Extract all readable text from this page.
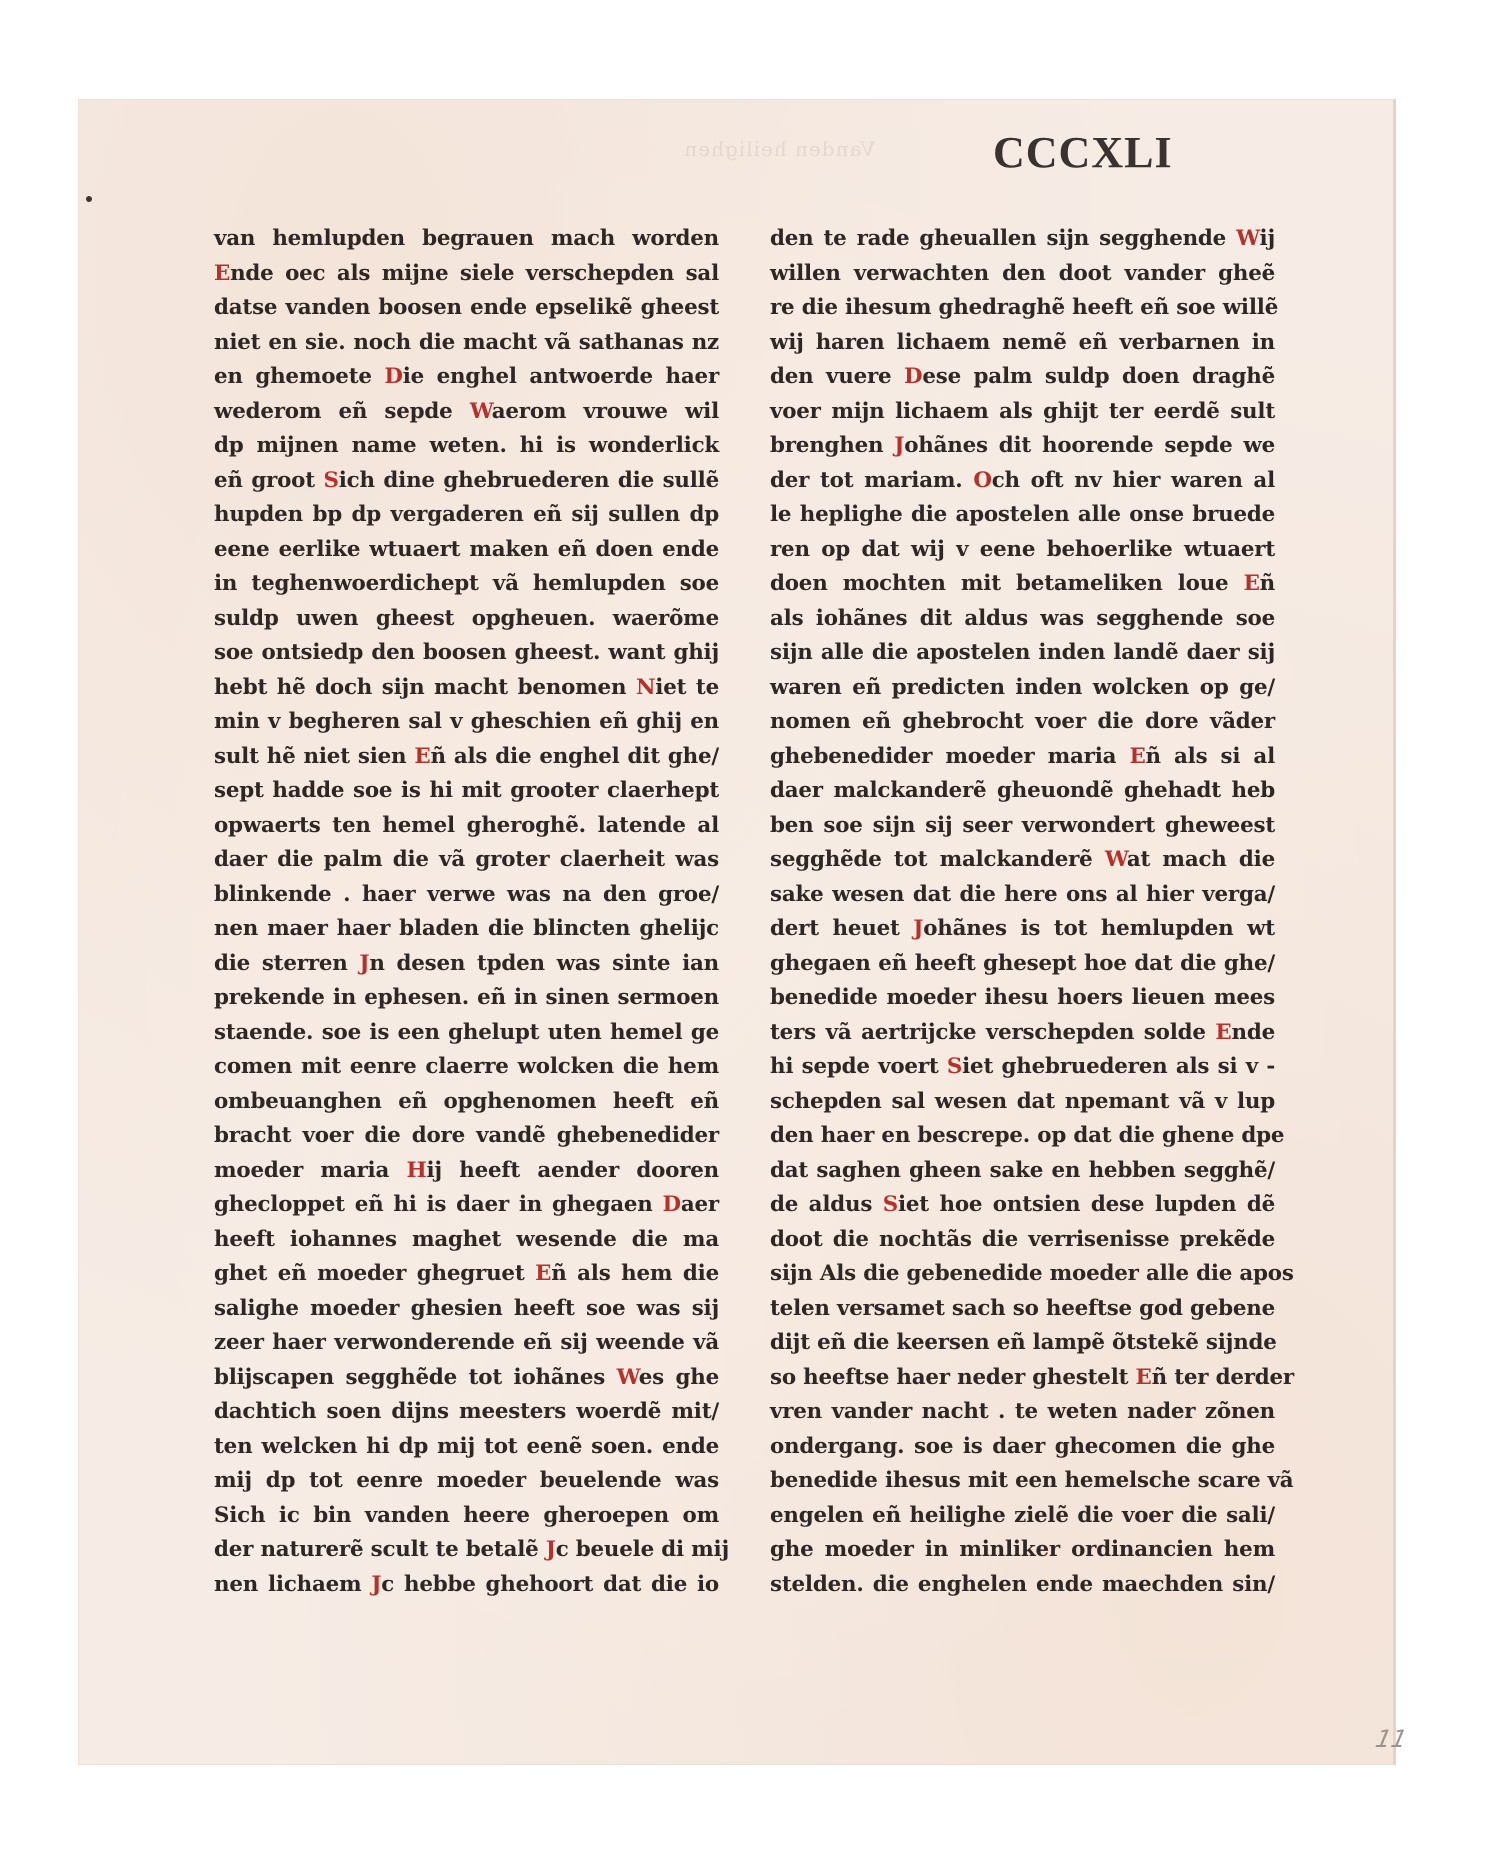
Vanden heilighen	CCCXLI
van hemlupden begrauen mach worden
Ende oec als mijne siele verschepden sal
datse vanden boosen ende epselikẽ gheest
niet en sie. noch die macht vã sathanas nz
en ghemoete Die enghel antwoerde haer
wederom eñ sepde Waerom vrouwe wil
dp mijnen name weten. hi is wonderlick
eñ groot Sich dine ghebruederen die sullẽ
hupden bp dp vergaderen eñ sij sullen dp
eene eerlike wtuaert maken eñ doen ende
in teghenwoerdichept vã hemlupden soe
suldp uwen gheest opgheuen. waerõme
soe ontsiedp den boosen gheest. want ghij
hebt hẽ doch sijn macht benomen Niet te
min v begheren sal v gheschien eñ ghij en
sult hẽ niet sien Eñ als die enghel dit ghe/
sept hadde soe is hi mit grooter claerhept
opwaerts ten hemel gheroghẽ. latende al
daer die palm die vã groter claerheit was
blinkende . haer verwe was na den groe/
nen maer haer bladen die blincten ghelijc
die sterren Jn desen tpden was sinte ian
prekende in ephesen. eñ in sinen sermoen
staende. soe is een ghelupt uten hemel ge
comen mit eenre claerre wolcken die hem
ombeuanghen eñ opghenomen heeft eñ
bracht voer die dore vandẽ ghebenedider
moeder maria Hij heeft aender dooren
ghecloppet eñ hi is daer in ghegaen Daer
heeft iohannes maghet wesende die ma
ghet eñ moeder ghegruet Eñ als hem die
salighe moeder ghesien heeft soe was sij
zeer haer verwonderende eñ sij weende vã
blijscapen segghẽde tot iohãnes Wes ghe
dachtich soen dijns meesters woerdẽ mit/
ten welcken hi dp mij tot eenẽ soen. ende
mij dp tot eenre moeder beuelende was
Sich ic bin vanden heere gheroepen om
der naturerẽ scult te betalẽ Jc beuele di mij
nen lichaem Jc hebbe ghehoort dat die io
den te rade gheuallen sijn segghende Wij
willen verwachten den doot vander gheẽ
re die ihesum ghedraghẽ heeft eñ soe willẽ
wij haren lichaem nemẽ eñ verbarnen in
den vuere Dese palm suldp doen draghẽ
voer mijn lichaem als ghijt ter eerdẽ sult
brenghen Johãnes dit hoorende sepde we
der tot mariam. Och oft nv hier waren al
le heplighe die apostelen alle onse bruede
ren op dat wij v eene behoerlike wtuaert
doen mochten mit betameliken loue Eñ
als iohãnes dit aldus was segghende soe
sijn alle die apostelen inden landẽ daer sij
waren eñ predicten inden wolcken op ge/
nomen eñ ghebrocht voer die dore vãder
ghebenedider moeder maria Eñ als si al
daer malckanderẽ gheuondẽ ghehadt heb
ben soe sijn sij seer verwondert gheweest
segghẽde tot malckanderẽ Wat mach die
sake wesen dat die here ons al hier verga/
dert heuet Johãnes is tot hemlupden wt
ghegaen eñ heeft ghesept hoe dat die ghe/
benedide moeder ihesu hoers lieuen mees
ters vã aertrijcke verschepden solde Ende
hi sepde voert Siet ghebruederen als si v -
schepden sal wesen dat npemant vã v lup
den haer en bescrepe. op dat die ghene dpe
dat saghen gheen sake en hebben segghẽ/
de aldus Siet hoe ontsien dese lupden dẽ
doot die nochtãs die verrisenisse prekẽde
sijn Als die gebenedide moeder alle die apos
telen versamet sach so heeftse god gebene
dijt eñ die keersen eñ lampẽ õtstekẽ sijnde
so heeftse haer neder ghestelt Eñ ter derder
vren vander nacht . te weten nader zõnen
ondergang. soe is daer ghecomen die ghe
benedide ihesus mit een hemelsche scare vã
engelen eñ heilighe zielẽ die voer die sali/
ghe moeder in minliker ordinancien hem
stelden. die enghelen ende maechden sin/
11
